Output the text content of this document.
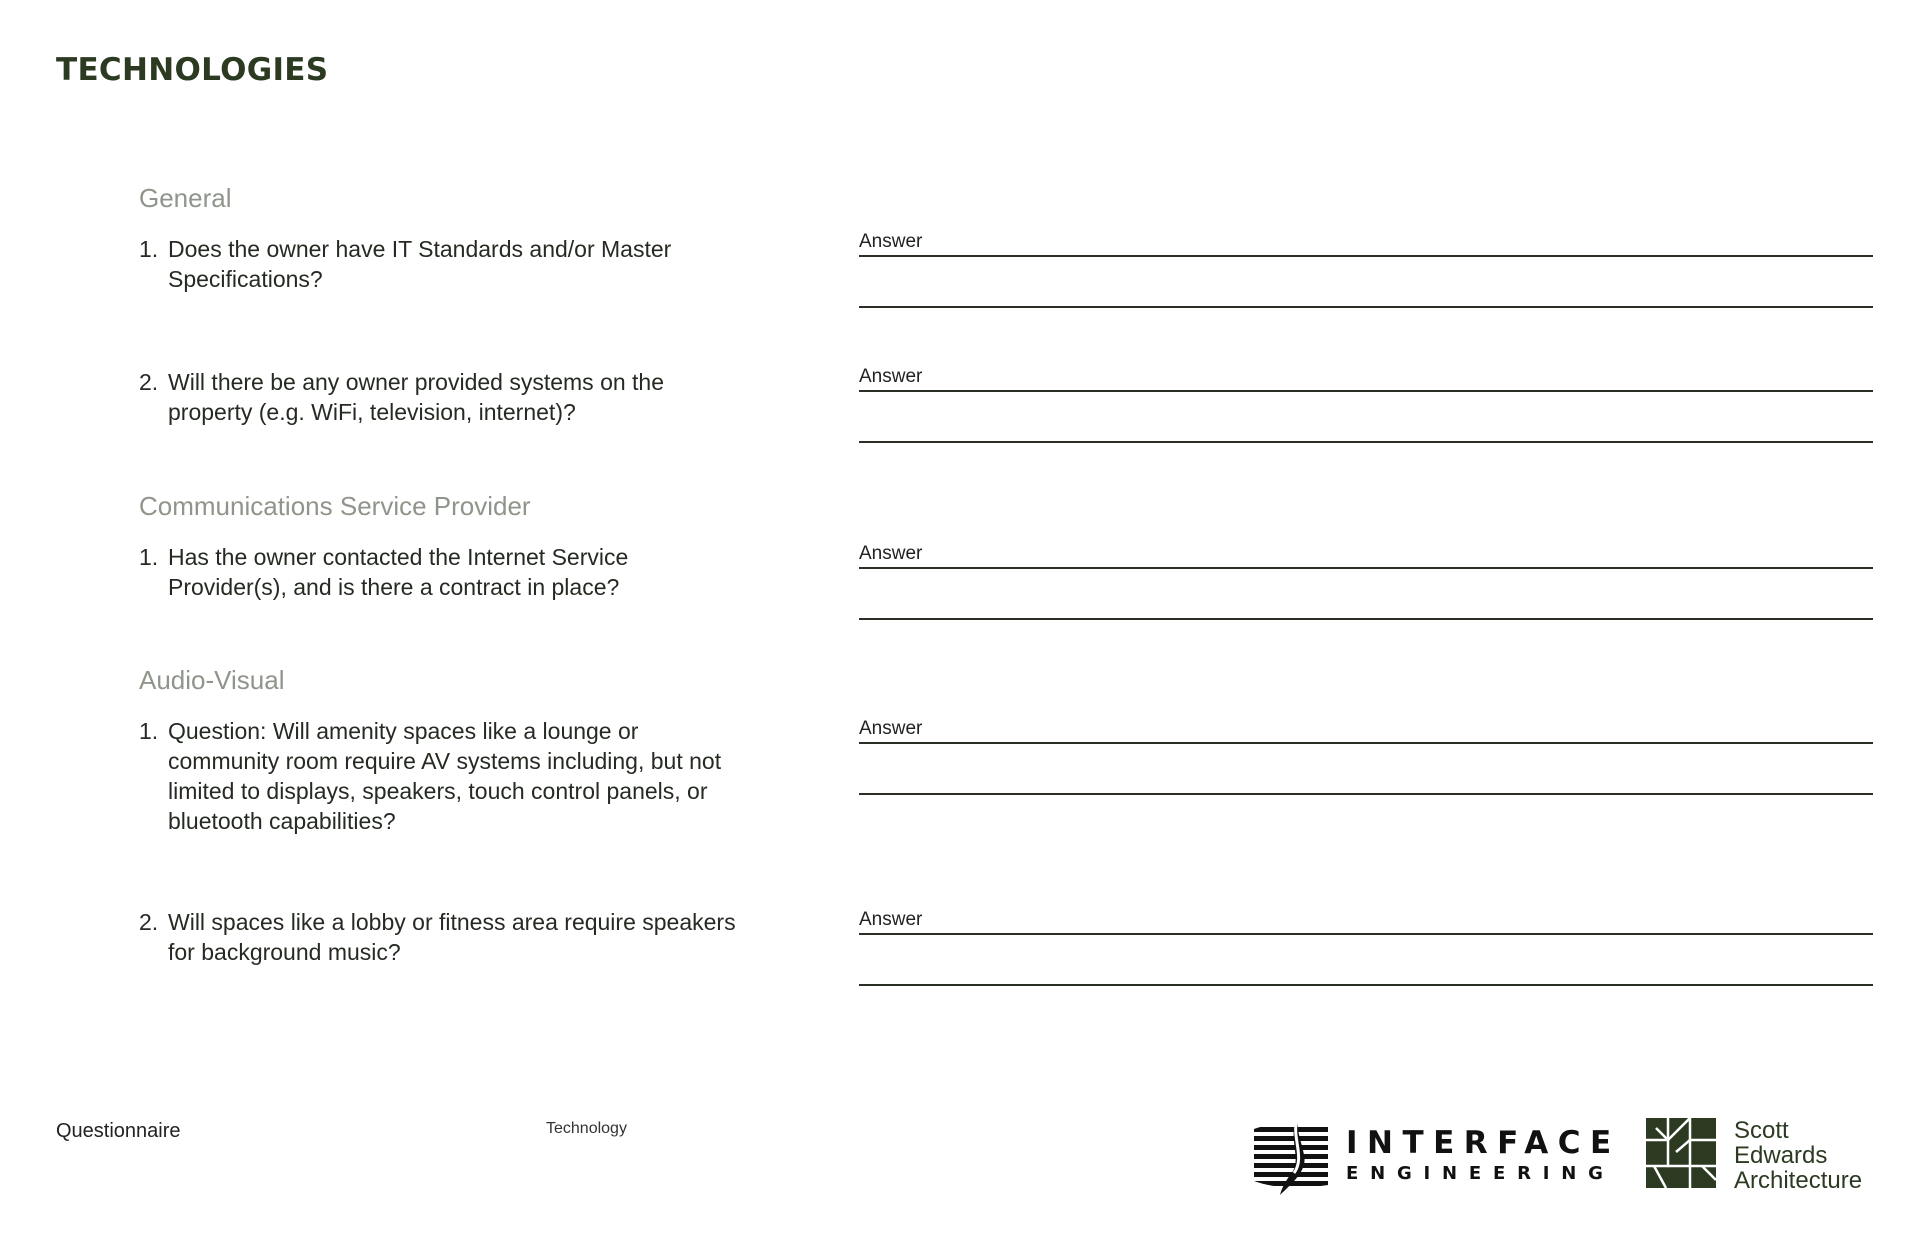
TECHNOLOGIES
General
1. Does the owner have IT Standards and/or Master Specifications?
Answer
2. Will there be any owner provided systems on the property (e.g. WiFi, television, internet)?
Answer
Communications Service Provider
1. Has the owner contacted the Internet Service Provider(s), and is there a contract in place?
Answer
Audio-Visual
1. Question: Will amenity spaces like a lounge or community room require AV systems including, but not limited to displays, speakers, touch control panels, or bluetooth capabilities?
Answer
2. Will spaces like a lobby or fitness area require speakers for background music?
Answer
Questionnaire	Technology	INTERFACE
ENGINEERING
Scott
Edwards
Architecture
